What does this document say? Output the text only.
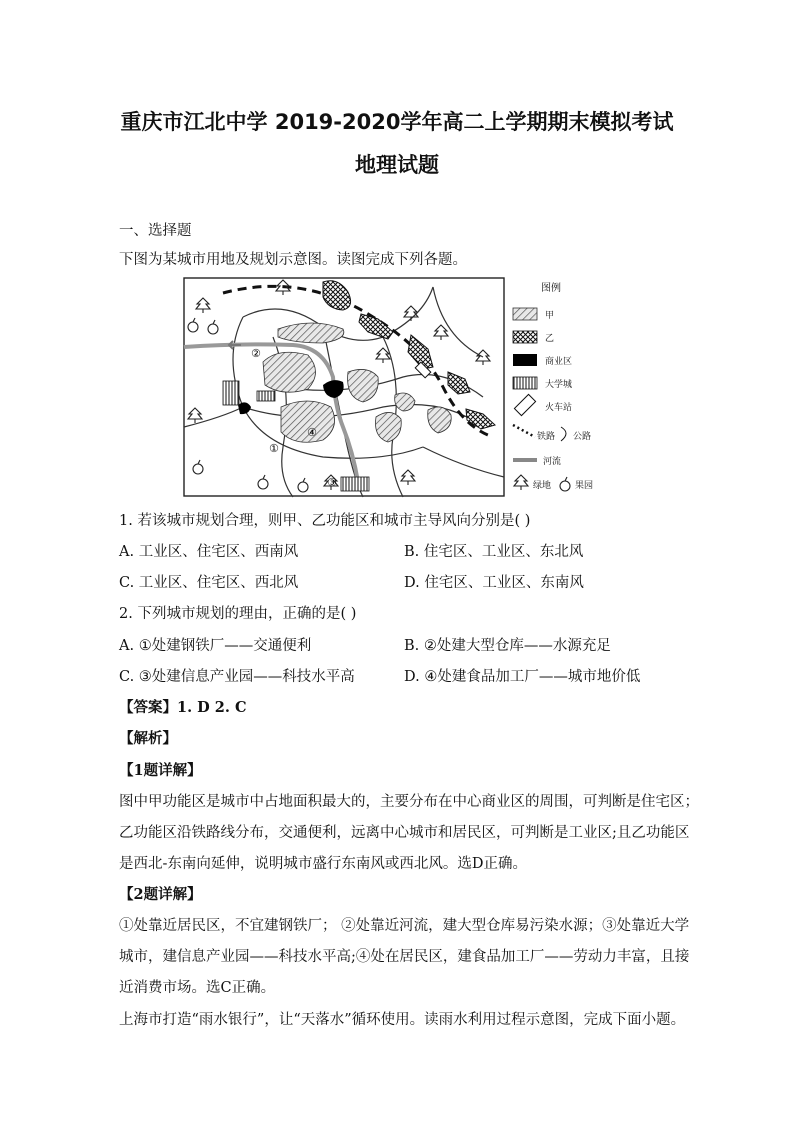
重庆市江北中学 2019-2020学年高二上学期期末模拟考试
地理试题
一、选择题
下图为某城市用地及规划示意图。读图完成下列各题。
②
①
③
④
图例
甲
乙
商业区
大学城
火车站
铁路 公路
河流
绿地	果园
1. 若该城市规划合理，则甲、乙功能区和城市主导风向分别是( )
A. 工业区、住宅区、西南风	B. 住宅区、工业区、东北风
C. 工业区、住宅区、西北风	D. 住宅区、工业区、东南风
2. 下列城市规划的理由，正确的是( )
A. ①处建钢铁厂——交通便利	B. ②处建大型仓库——水源充足
C. ③处建信息产业园——科技水平高	D. ④处建食品加工厂——城市地价低
【答案】1. D 2. C
【解析】
【1题详解】
图中甲功能区是城市中占地面积最大的，主要分布在中心商业区的周围，可判断是住宅区；
乙功能区沿铁路线分布，交通便利，远离中心城市和居民区，可判断是工业区;且乙功能区
是西北-东南向延伸，说明城市盛行东南风或西北风。选D正确。
【2题详解】
①处靠近居民区，不宜建钢铁厂； ②处靠近河流，建大型仓库易污染水源；③处靠近大学
城市，建信息产业园——科技水平高;④处在居民区，建食品加工厂——劳动力丰富，且接
近消费市场。选C正确。
上海市打造“雨水银行”，让“天落水”循环使用。读雨水利用过程示意图，完成下面小题。
